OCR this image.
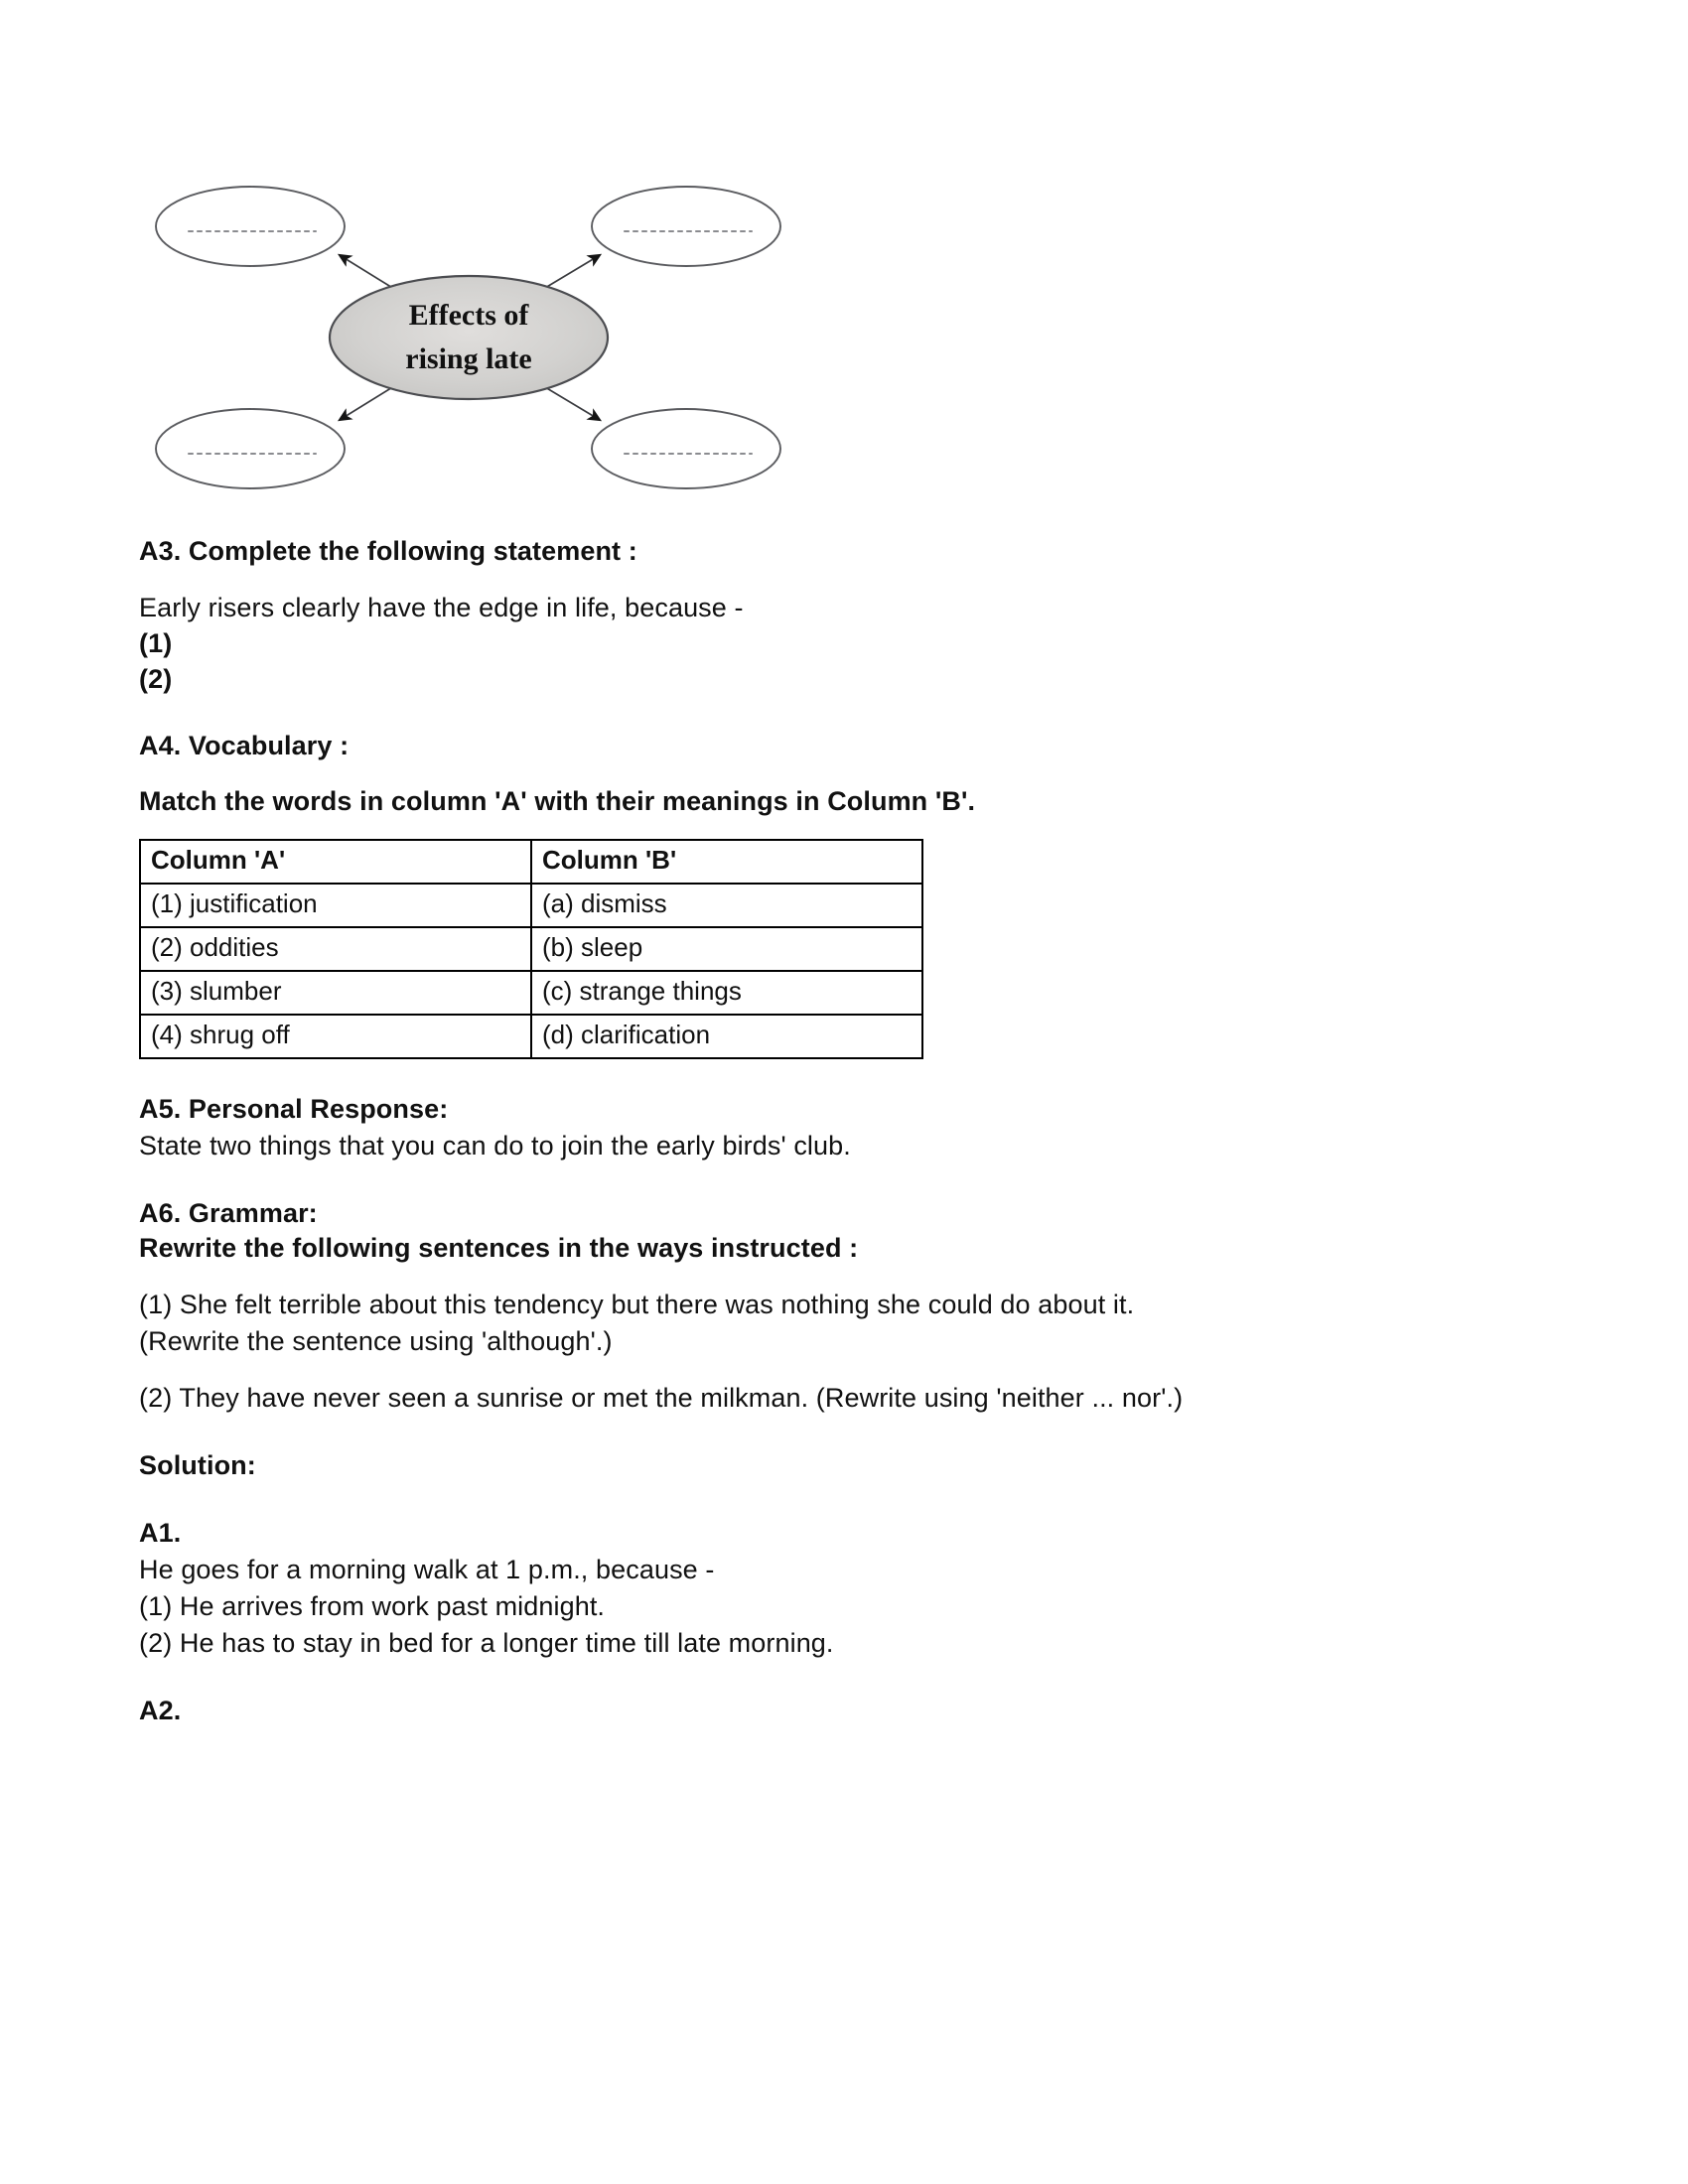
Effects of
rising late
A3. Complete the following statement :
Early risers clearly have the edge in life, because -
(1)
(2)
A4. Vocabulary :
Match the words in column 'A' with their meanings in Column 'B'.
Column 'A'	Column 'B'
(1) justification	(a) dismiss
(2) oddities	(b) sleep
(3) slumber	(c) strange things
(4) shrug off	(d) clarification
A5. Personal Response:
State two things that you can do to join the early birds' club.
A6. Grammar:
Rewrite the following sentences in the ways instructed :
(1) She felt terrible about this tendency but there was nothing she could do about it.
(Rewrite the sentence using 'although'.)
(2) They have never seen a sunrise or met the milkman. (Rewrite using 'neither ... nor'.)
Solution:
A1.
He goes for a morning walk at 1 p.m., because -
(1) He arrives from work past midnight.
(2) He has to stay in bed for a longer time till late morning.
A2.
